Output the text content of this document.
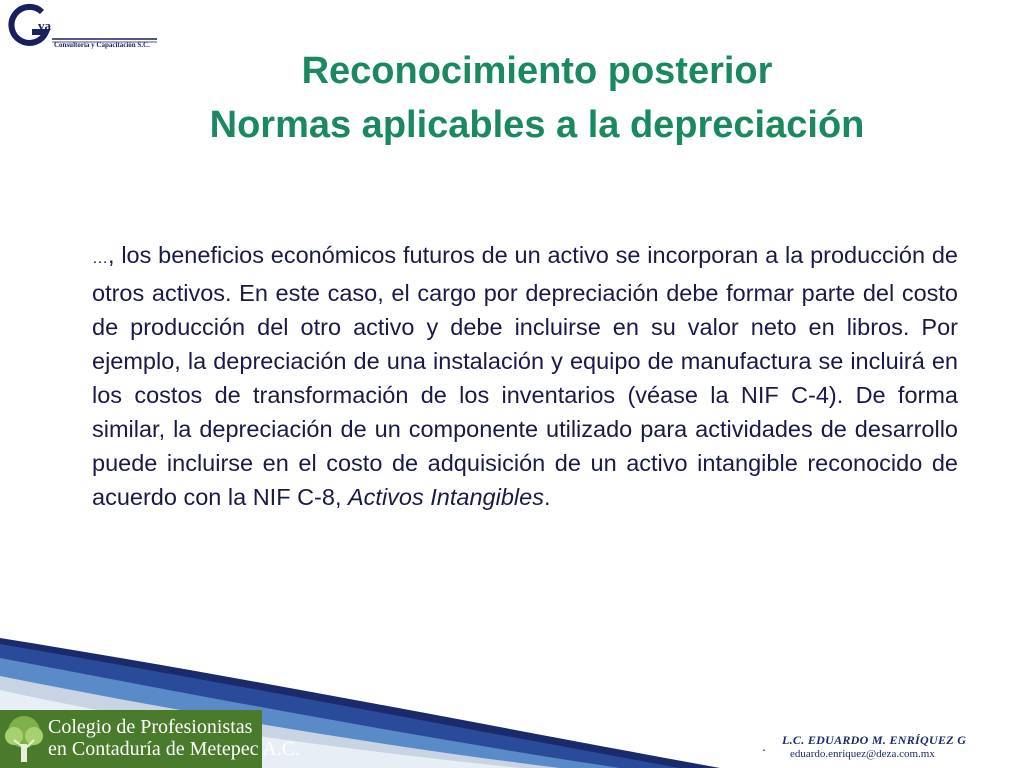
va
Consultoría y Capacitación S.C.
Reconocimiento posterior
Normas aplicables a la depreciación
…, los beneficios económicos futuros de un activo se incorporan a la producción de otros activos. En este caso, el cargo por depreciación debe formar parte del costo de producción del otro activo y debe incluirse en su valor neto en libros. Por ejemplo, la depreciación de una instalación y equipo de manufactura se incluirá en los costos de transformación de los inventarios (véase la NIF C-4). De forma similar, la depreciación de un componente utilizado para actividades de desarrollo puede incluirse en el costo de adquisición de un activo intangible reconocido de acuerdo con la NIF C-8, Activos Intangibles.
Colegio de Profesionistas
en Contaduría de Metepec A.C.	. L.C. EDUARDO M. ENRÍQUEZ G
eduardo.enriquez@deza.com.mx
